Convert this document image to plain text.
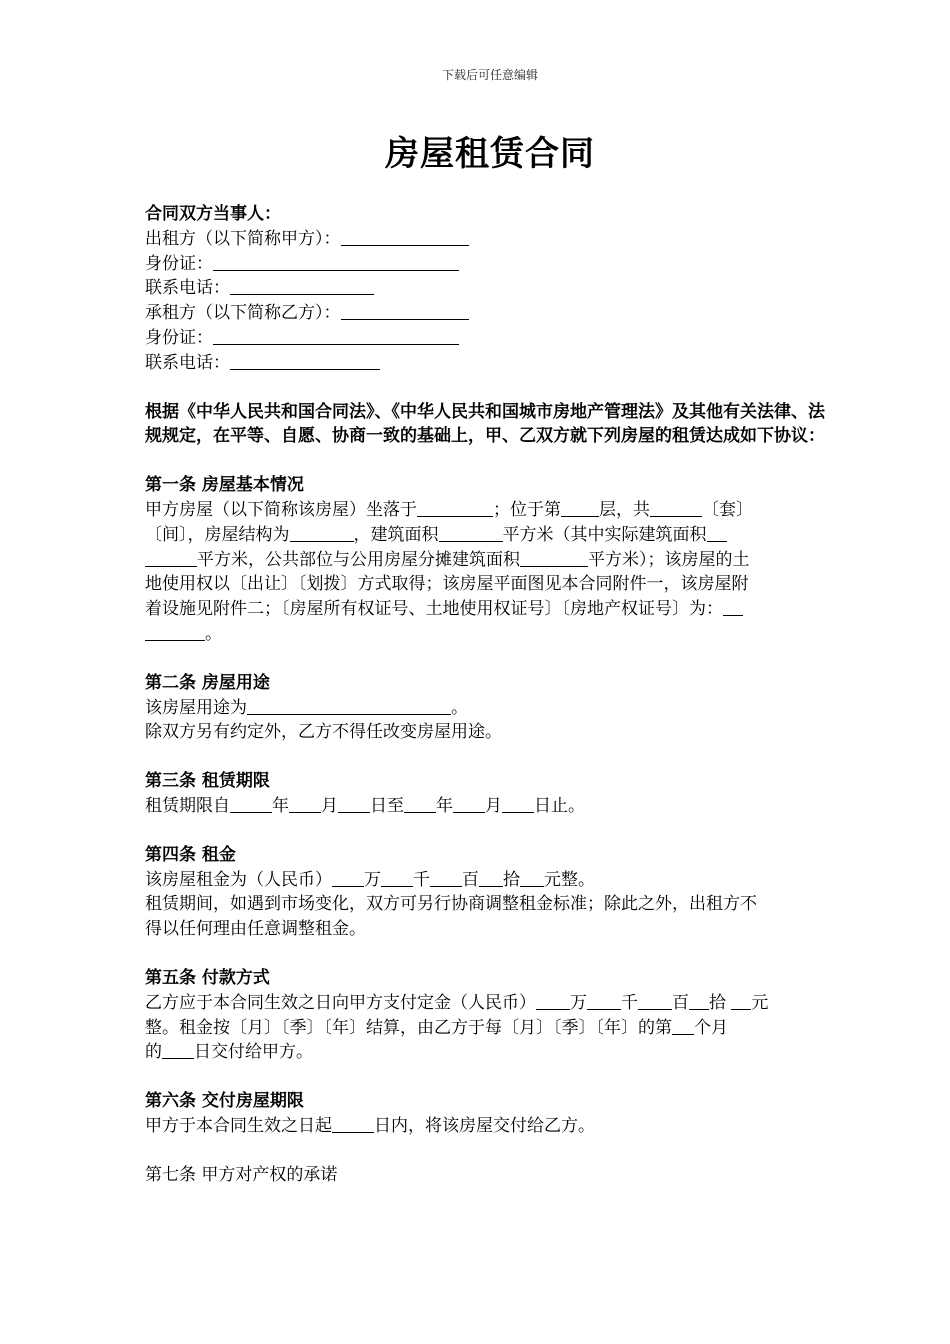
下载后可任意编辑
房屋租赁合同
合同双方当事人：
出租方（以下简称甲方）：
身份证：
联系电话：
承租方（以下简称乙方）：
身份证：
联系电话：

根据《中华人民共和国合同法》、《中华人民共和国城市房地产管理法》及其他有关法律、法规规定，在平等、自愿、协商一致的基础上，甲、乙双方就下列房屋的租赁达成如下协议：

第一条 房屋基本情况
甲方房屋（以下简称该房屋）坐落于	；位于第 层，共	〔套〕
〔间〕，房屋结构为	，建筑面积	平方米（其中实际建筑面积
平方米，公共部位与公用房屋分摊建筑面积	平方米）；该房屋的土
地使用权以〔出让〕〔划拨〕方式取得；该房屋平面图见本合同附件一，该房屋附
着设施见附件二；〔房屋所有权证号、土地使用权证号〕〔房地产权证号〕为：
。
第二条 房屋用途
该房屋用途为	。
除双方另有约定外，乙方不得任改变房屋用途。
第三条 租赁期限
租赁期限自 年 月 日至 年 月 日止。
第四条 租金
该房屋租金为（人民币） 万 千 百 拾 元整。
租赁期间，如遇到市场变化，双方可另行协商调整租金标准；除此之外，出租方不
得以任何理由任意调整租金。
第五条 付款方式
乙方应于本合同生效之日向甲方支付定金（人民币） 万 千 百 拾 元
整。租金按〔月〕〔季〕〔年〕结算，由乙方于每〔月〕〔季〕〔年〕的第 个月
的 日交付给甲方。
第六条 交付房屋期限
甲方于本合同生效之日起 日内，将该房屋交付给乙方。
第七条 甲方对产权的承诺
